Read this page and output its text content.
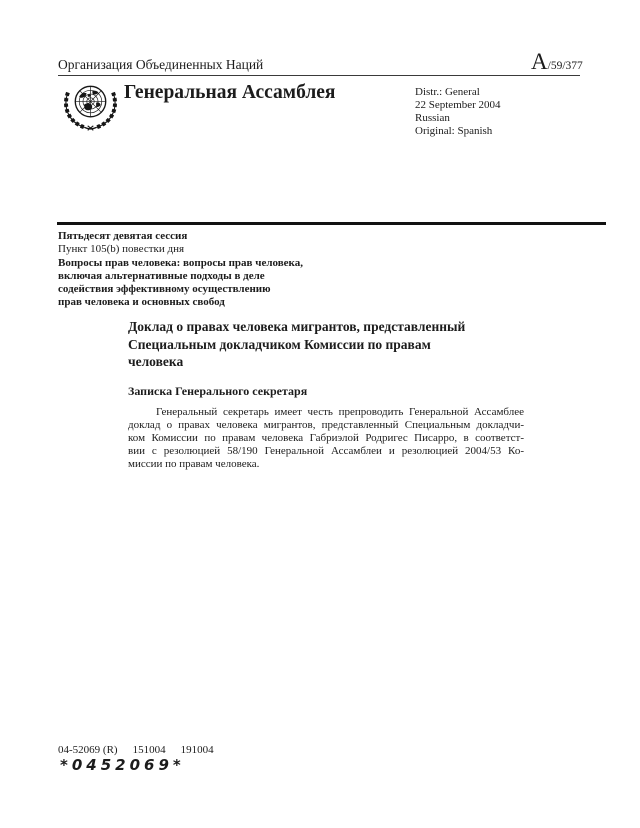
Организация Объединенных Наций	A /59/377
Генеральная Ассамблея	Distr.: General
22 September 2004
Russian
Original: Spanish
Пятьдесят девятая сессия
Пункт 105(b) повестки дня
Вопросы прав человека: вопросы прав человека,
включая альтернативные подходы в деле
содействия эффективному осуществлению
прав человека и основных свобод
Доклад о правах человека мигрантов, представленный
Специальным докладчиком Комиссии по правам
человека
Записка Генерального секретаря
Генеральный секретарь имеет честь препроводить Генеральной Ассамблее
доклад о правах человека мигрантов, представленный Специальным докладчи-
ком Комиссии по правам человека Габриэлой Родригес Писарро, в соответст-
вии с резолюцией 58/190 Генеральной Ассамблеи и резолюцией 2004/53 Ко-
миссии по правам человека.
04-52069 (R) 151004 191004
*0452069*
